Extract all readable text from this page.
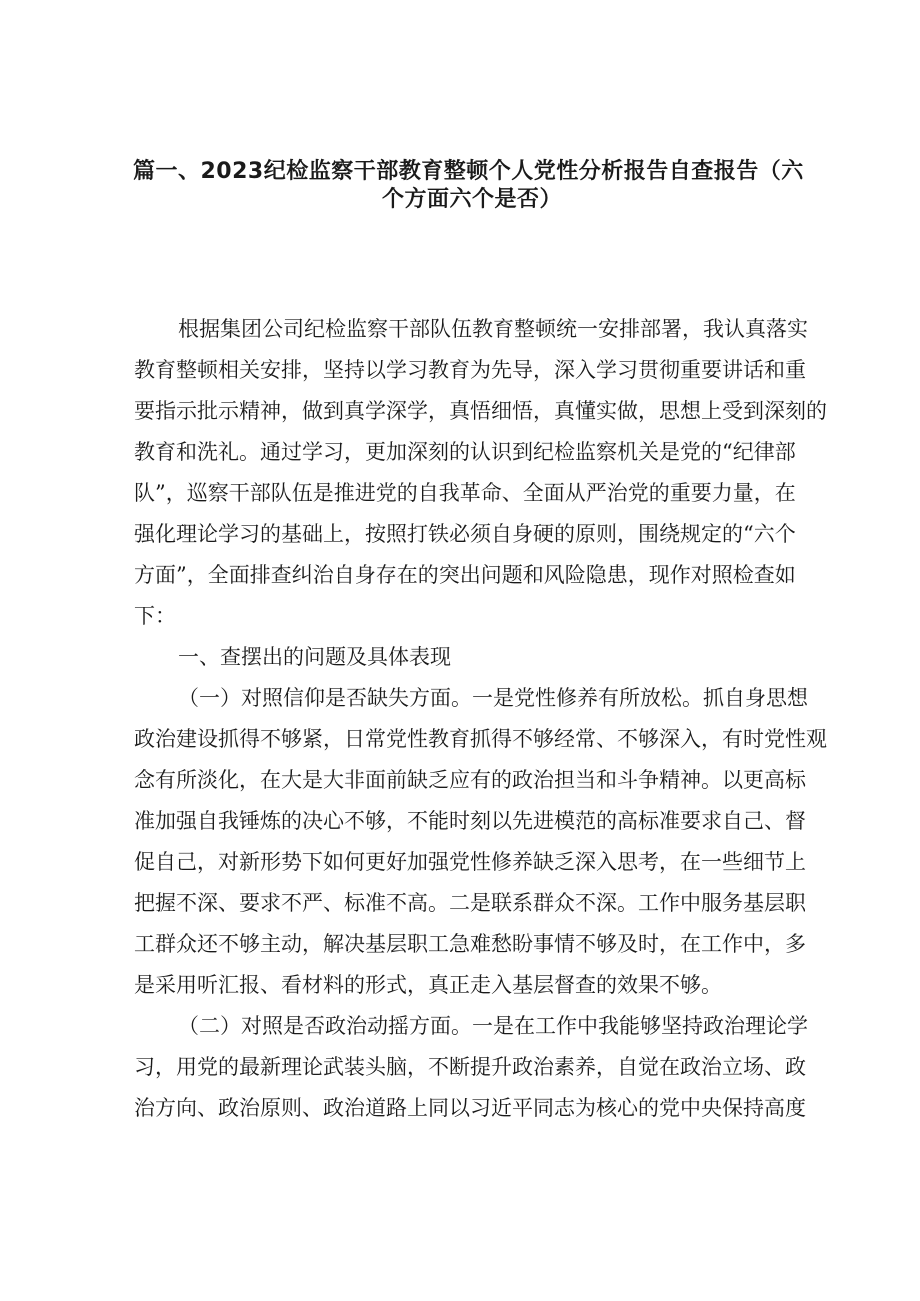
篇一、2023纪检监察干部教育整顿个人党性分析报告自查报告（六
个方面六个是否）
根据集团公司纪检监察干部队伍教育整顿统一安排部署，我认真落实
教育整顿相关安排，坚持以学习教育为先导，深入学习贯彻重要讲话和重
要指示批示精神，做到真学深学，真悟细悟，真懂实做，思想上受到深刻的
教育和洗礼。通过学习，更加深刻的认识到纪检监察机关是党的“纪律部
队”，巡察干部队伍是推进党的自我革命、全面从严治党的重要力量，在
强化理论学习的基础上，按照打铁必须自身硬的原则，围绕规定的“六个
方面”，全面排查纠治自身存在的突出问题和风险隐患，现作对照检查如
下：
一、查摆出的问题及具体表现
（一）对照信仰是否缺失方面。一是党性修养有所放松。抓自身思想
政治建设抓得不够紧，日常党性教育抓得不够经常、不够深入，有时党性观
念有所淡化，在大是大非面前缺乏应有的政治担当和斗争精神。以更高标
准加强自我锤炼的决心不够，不能时刻以先进模范的高标准要求自己、督
促自己，对新形势下如何更好加强党性修养缺乏深入思考，在一些细节上
把握不深、要求不严、标准不高。二是联系群众不深。工作中服务基层职
工群众还不够主动，解决基层职工急难愁盼事情不够及时，在工作中，多
是采用听汇报、看材料的形式，真正走入基层督查的效果不够。
（二）对照是否政治动摇方面。一是在工作中我能够坚持政治理论学
习，用党的最新理论武装头脑，不断提升政治素养，自觉在政治立场、政
治方向、政治原则、政治道路上同以习近平同志为核心的党中央保持高度
